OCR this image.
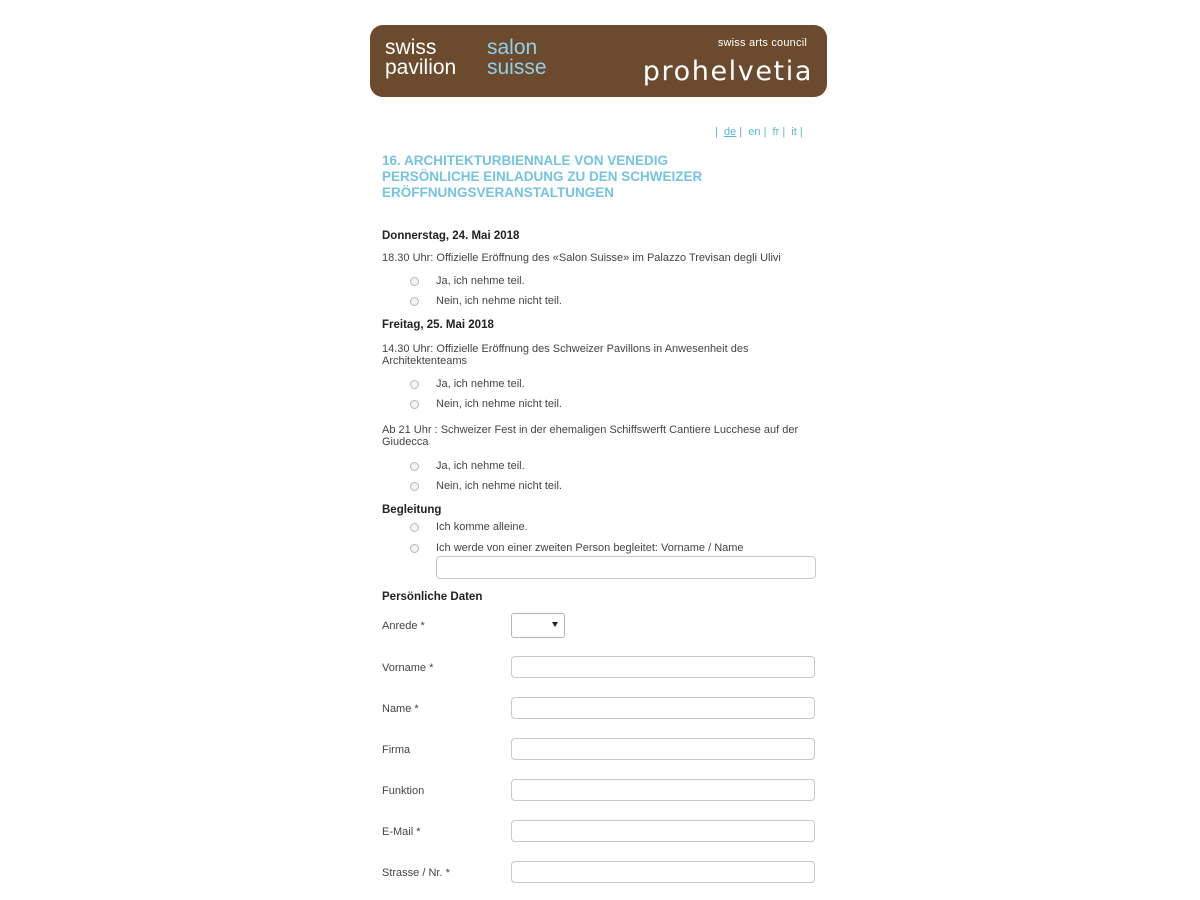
swiss
pavilion
salon
suisse
swiss arts council
prohelvetia
|  de |  en |  fr |  it |
16. ARCHITEKTURBIENNALE VON VENEDIG
PERSÖNLICHE EINLADUNG ZU DEN SCHWEIZER
ERÖFFNUNGSVERANSTALTUNGEN
Donnerstag, 24. Mai 2018
18.30 Uhr: Offizielle Eröffnung des «Salon Suisse» im Palazzo Trevisan degli Ulivi
Ja, ich nehme teil.
Nein, ich nehme nicht teil.
Freitag, 25. Mai 2018
14.30 Uhr: Offizielle Eröffnung des Schweizer Pavillons in Anwesenheit des Architektenteams
Ja, ich nehme teil.
Nein, ich nehme nicht teil.
Ab 21 Uhr : Schweizer Fest in der ehemaligen Schiffswerft Cantiere Lucchese auf der Giudecca
Ja, ich nehme teil.
Nein, ich nehme nicht teil.
Begleitung
Ich komme alleine.
Ich werde von einer zweiten Person begleitet: Vorname / Name
Persönliche Daten
Anrede *
Vorname *
Name *
Firma
Funktion
E-Mail *
Strasse / Nr. *
